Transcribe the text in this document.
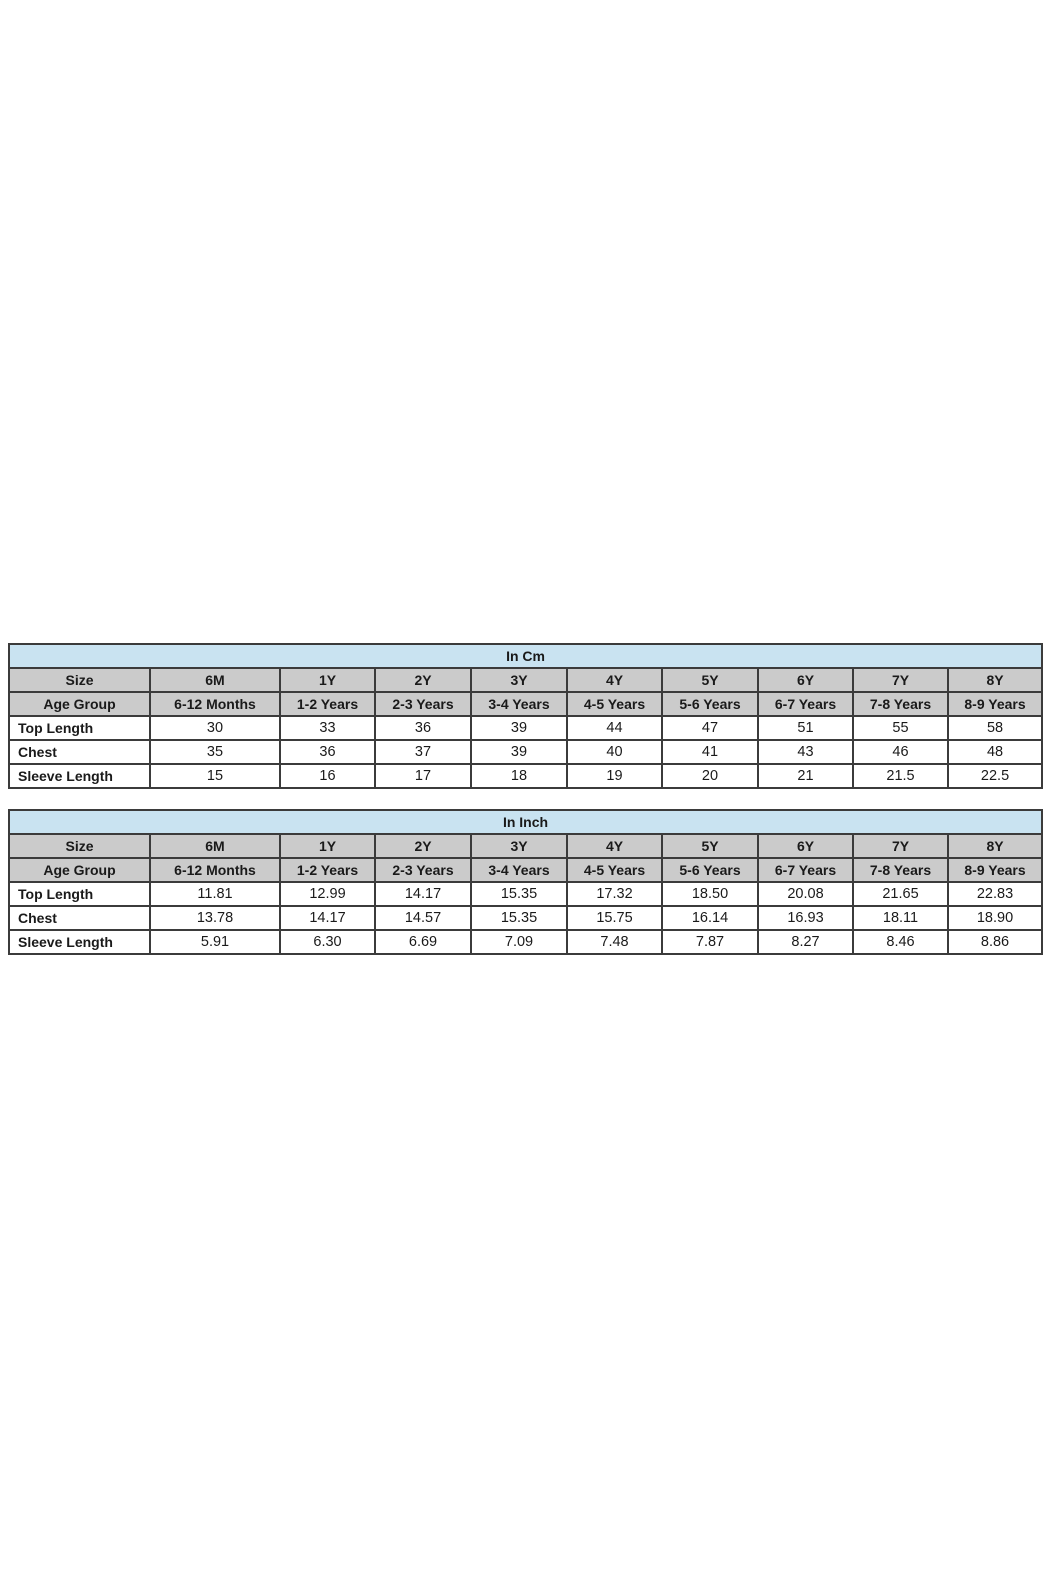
In Cm									
Size	6M	1Y	2Y	3Y	4Y	5Y	6Y	7Y	8Y
Age Group	6-12 Months	1-2 Years	2-3 Years	3-4 Years	4-5 Years	5-6 Years	6-7 Years	7-8 Years	8-9 Years
Top Length	30	33	36	39	44	47	51	55	58
Chest	35	36	37	39	40	41	43	46	48
Sleeve Length	15	16	17	18	19	20	21	21.5	22.5
In Inch									
Size	6M	1Y	2Y	3Y	4Y	5Y	6Y	7Y	8Y
Age Group	6-12 Months	1-2 Years	2-3 Years	3-4 Years	4-5 Years	5-6 Years	6-7 Years	7-8 Years	8-9 Years
Top Length	11.81	12.99	14.17	15.35	17.32	18.50	20.08	21.65	22.83
Chest	13.78	14.17	14.57	15.35	15.75	16.14	16.93	18.11	18.90
Sleeve Length	5.91	6.30	6.69	7.09	7.48	7.87	8.27	8.46	8.86
